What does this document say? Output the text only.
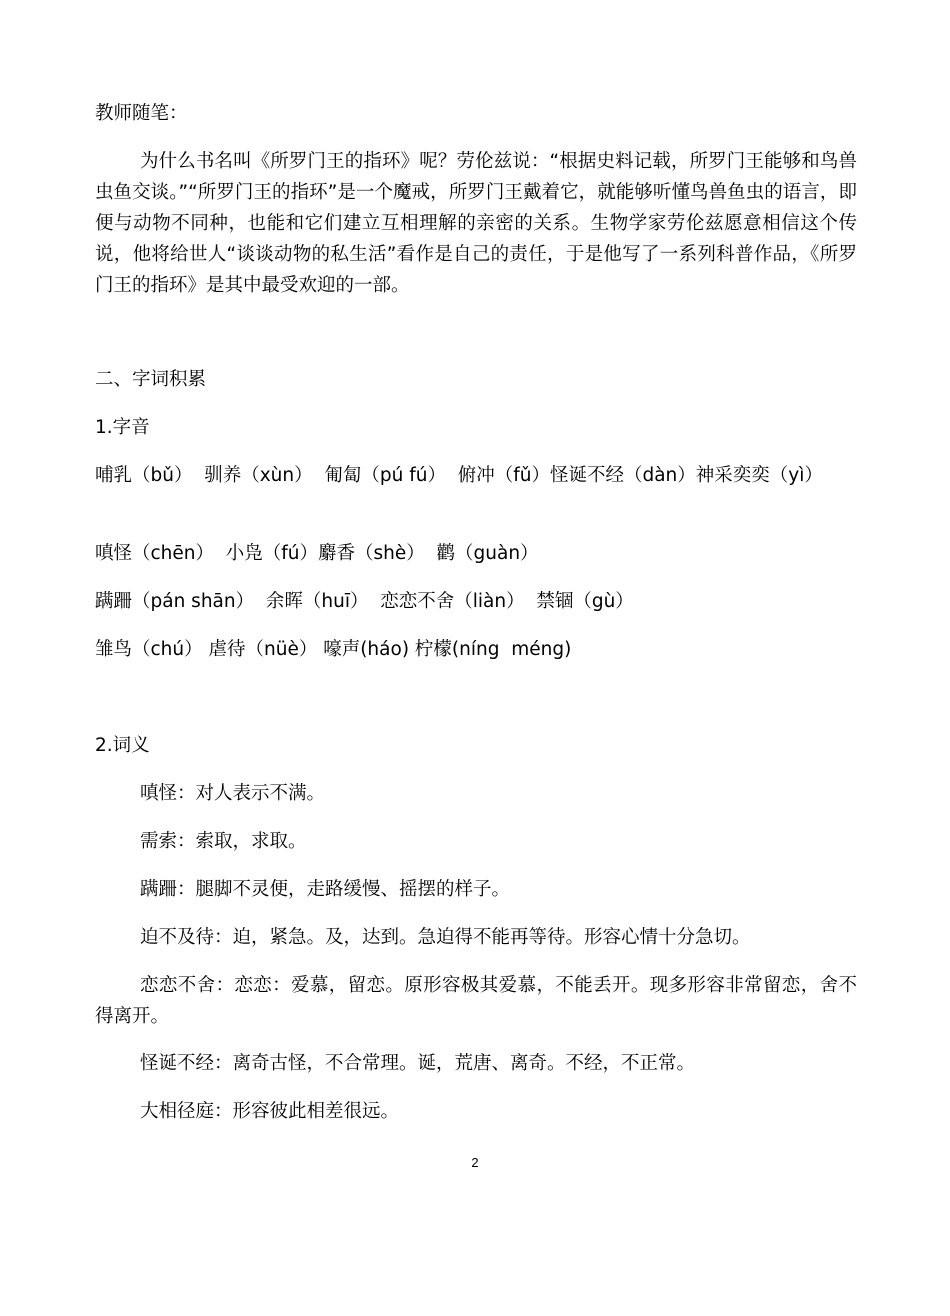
教师随笔：
为什么书名叫《所罗门王的指环》呢？劳伦兹说：“根据史料记载，所罗门王能够和鸟兽虫鱼交谈。”“所罗门王的指环”是一个魔戒，所罗门王戴着它，就能够听懂鸟兽鱼虫的语言，即便与动物不同种，也能和它们建立互相理解的亲密的关系。生物学家劳伦兹愿意相信这个传说，他将给世人“谈谈动物的私生活”看作是自己的责任，于是他写了一系列科普作品，《所罗门王的指环》是其中最受欢迎的一部。
二、字词积累
1.字音
哺乳（bǔ）  驯养（xùn）  匍匐（pú fú）  俯冲（fǔ）怪诞不经（dàn）神采奕奕（yì）
嗔怪（chēn）  小凫（fú）麝香（shè）  鹳（guàn）
蹒跚（pán shān）  余晖（huī）  恋恋不舍（liàn）  禁锢（gù）
雏鸟（chú） 虐待（nüè） 嚎声(háo) 柠檬(níng  méng)
2.词义
嗔怪：对人表示不满。
需索：索取，求取。
蹒跚：腿脚不灵便，走路缓慢、摇摆的样子。
迫不及待：迫，紧急。及，达到。急迫得不能再等待。形容心情十分急切。
恋恋不舍：恋恋：爱慕，留恋。原形容极其爱慕，不能丢开。现多形容非常留恋，舍不得离开。
怪诞不经：离奇古怪，不合常理。诞，荒唐、离奇。不经，不正常。
大相径庭：形容彼此相差很远。
2
